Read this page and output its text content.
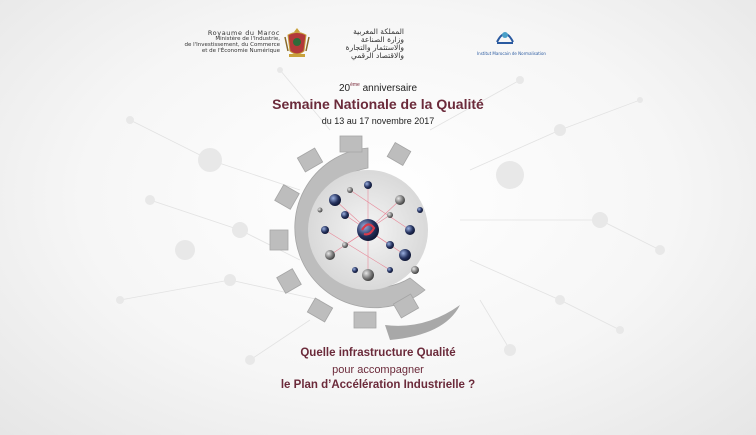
Royaume du Maroc
Ministère de l'Industrie,
de l'Investissement, du Commerce
et de l'Économie Numérique
المملكة المغربية
وزارة الصناعة
والاستثمار والتجارة
والاقتصاد الرقمي	Institut Marocain de Normalisation
20ème anniversaire
Semaine Nationale de la Qualité
du 13 au 17 novembre 2017
Quelle infrastructure Qualité
pour accompagner
le Plan d’Accélération Industrielle ?
